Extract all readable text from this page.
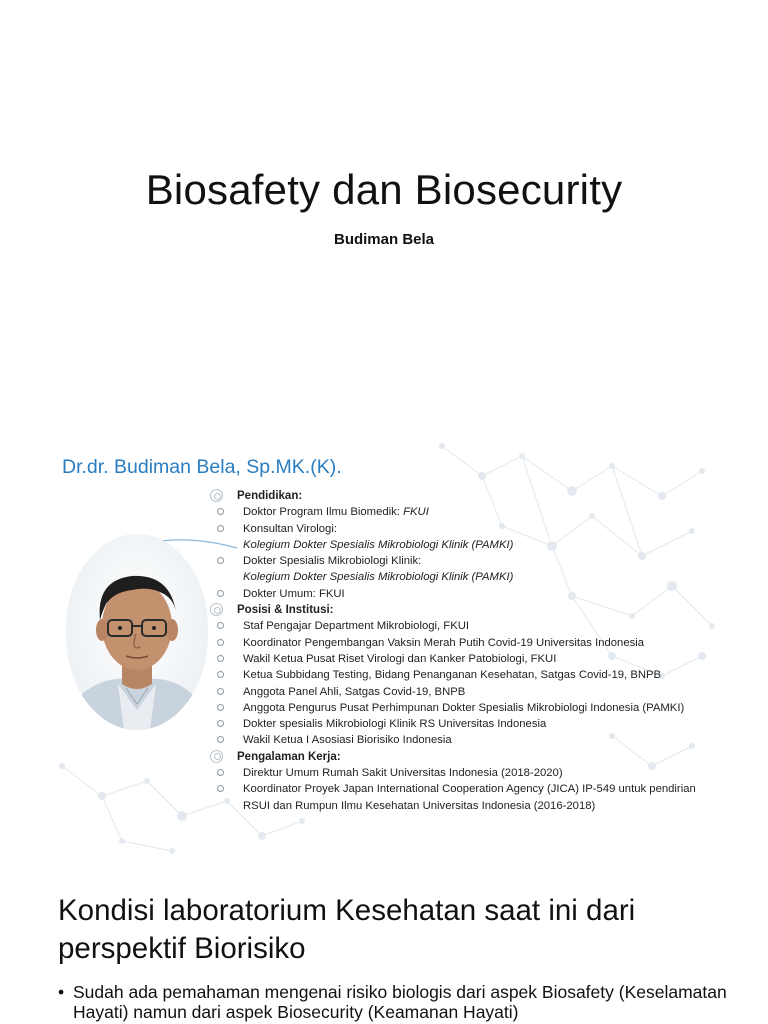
Biosafety dan Biosecurity
Budiman Bela
Dr.dr. Budiman Bela, Sp.MK.(K).
Pendidikan:
Doktor Program Ilmu Biomedik: FKUI
Konsultan Virologi:
Kolegium Dokter Spesialis Mikrobiologi Klinik (PAMKI)
Dokter Spesialis Mikrobiologi Klinik:
Kolegium Dokter Spesialis Mikrobiologi Klinik (PAMKI)
Dokter Umum: FKUI
Posisi & Institusi:
Staf Pengajar Department Mikrobiologi, FKUI
Koordinator Pengembangan Vaksin Merah Putih Covid-19 Universitas Indonesia
Wakil Ketua Pusat Riset Virologi dan Kanker Patobiologi, FKUI
Ketua Subbidang Testing, Bidang Penanganan Kesehatan, Satgas Covid-19, BNPB
Anggota Panel Ahli, Satgas Covid-19, BNPB
Anggota Pengurus Pusat Perhimpunan Dokter Spesialis Mikrobiologi Indonesia (PAMKI)
Dokter spesialis Mikrobiologi Klinik RS Universitas Indonesia
Wakil Ketua I Asosiasi Biorisiko Indonesia
Pengalaman Kerja:
Direktur Umum Rumah Sakit Universitas Indonesia (2018-2020)
Koordinator Proyek Japan International Cooperation Agency (JICA) IP-549 untuk pendirian RSUI dan Rumpun Ilmu Kesehatan Universitas Indonesia (2016-2018)
Kondisi laboratorium Kesehatan saat ini dari perspektif Biorisiko
• Sudah ada pemahaman mengenai risiko biologis dari aspek Biosafety (Keselamatan Hayati) namun dari aspek Biosecurity (Keamanan Hayati)
